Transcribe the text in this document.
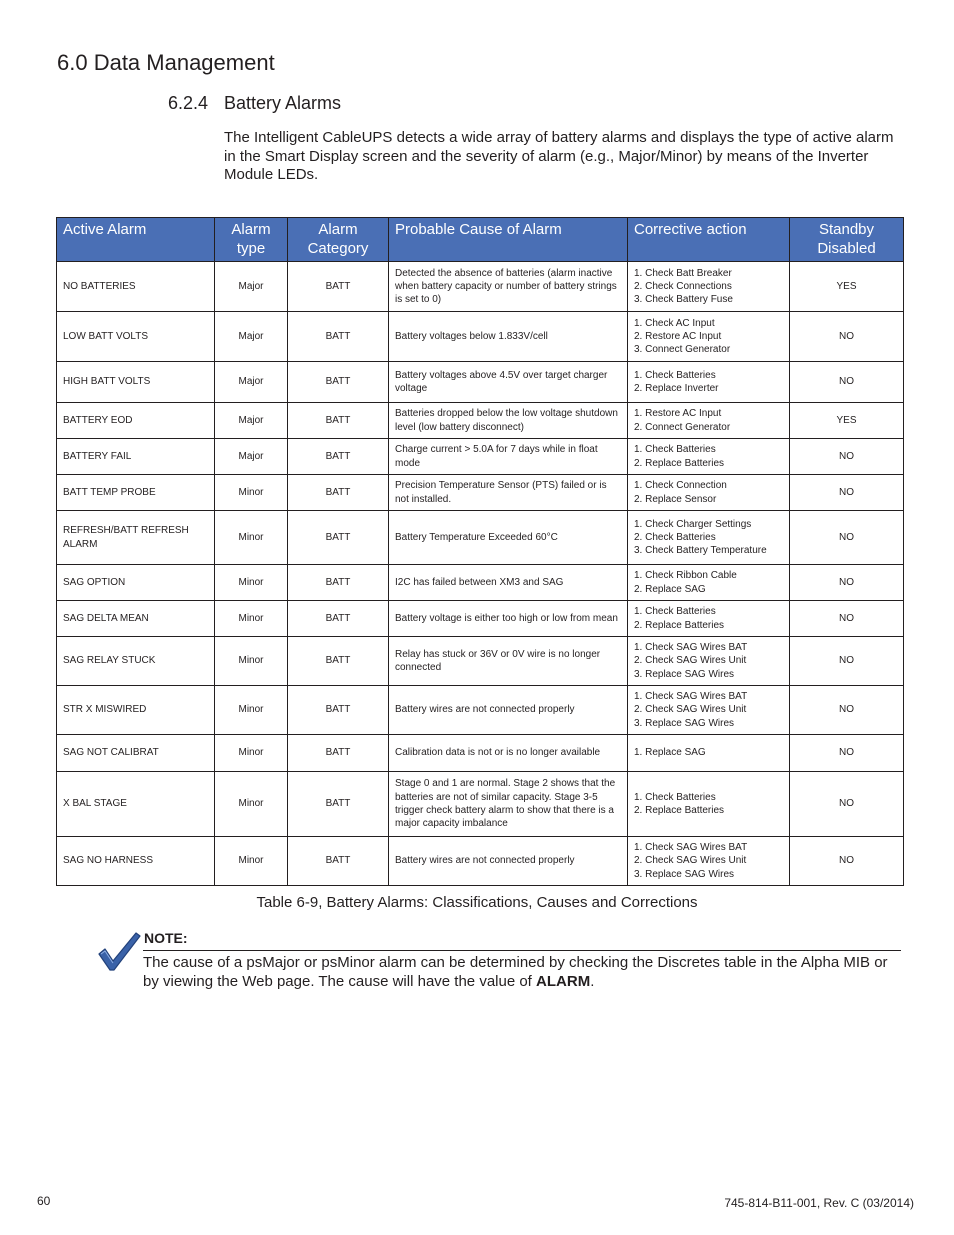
6.0 Data Management
6.2.4 Battery Alarms

The Intelligent CableUPS detects a wide array of battery alarms and displays the type of active alarm in the Smart Display screen and the severity of alarm (e.g., Major/Minor) by means of the Inverter Module LEDs.

Active Alarm	Alarm type	Alarm Category	Probable Cause of Alarm	Corrective action	Standby Disabled
NO BATTERIES	Major	BATT	Detected the absence of batteries (alarm inactive when battery capacity or number of battery strings is set to 0)	1. Check Batt Breaker
2. Check Connections
3. Check Battery Fuse	YES
LOW BATT VOLTS	Major	BATT	Battery voltages below 1.833V/cell	1. Check AC Input
2. Restore AC Input
3. Connect Generator	NO
HIGH BATT VOLTS	Major	BATT	Battery voltages above 4.5V over target charger voltage	1. Check Batteries
2. Replace Inverter	NO
BATTERY EOD	Major	BATT	Batteries dropped below the low voltage shutdown level (low battery disconnect)	1. Restore AC Input
2. Connect Generator	YES
BATTERY FAIL	Major	BATT	Charge current > 5.0A for 7 days while in float mode	1. Check Batteries
2. Replace Batteries	NO
BATT TEMP PROBE	Minor	BATT	Precision Temperature Sensor (PTS) failed or is not installed.	1. Check Connection
2. Replace Sensor	NO
REFRESH/BATT REFRESH ALARM	Minor	BATT	Battery Temperature Exceeded 60°C	1. Check Charger Settings
2. Check Batteries
3. Check Battery Temperature	NO
SAG OPTION	Minor	BATT	I2C has failed between XM3 and SAG	1. Check Ribbon Cable
2. Replace SAG	NO
SAG DELTA MEAN	Minor	BATT	Battery voltage is either too high or low from mean	1. Check Batteries
2. Replace Batteries	NO
SAG RELAY STUCK	Minor	BATT	Relay has stuck or 36V or 0V wire is no longer connected	1. Check SAG Wires BAT
2. Check SAG Wires Unit
3. Replace SAG Wires	NO
STR X MISWIRED	Minor	BATT	Battery wires are not connected properly	1. Check SAG Wires BAT
2. Check SAG Wires Unit
3. Replace SAG Wires	NO
SAG NOT CALIBRAT	Minor	BATT	Calibration data is not or is no longer available	1. Replace SAG	NO
X BAL STAGE	Minor	BATT	Stage 0 and 1 are normal. Stage 2 shows that the batteries are not of similar capacity. Stage 3-5 trigger check battery alarm to show that there is a major capacity imbalance	1. Check Batteries
2. Replace Batteries	NO
SAG NO HARNESS	Minor	BATT	Battery wires are not connected properly	1. Check SAG Wires BAT
2. Check SAG Wires Unit
3. Replace SAG Wires	NO

Table 6-9, Battery Alarms: Classifications, Causes and Corrections

NOTE:

The cause of a psMajor or psMinor alarm can be determined by checking the Discretes table in the Alpha MIB or by viewing the Web page. The cause will have the value of ALARM.

60	745-814-B11-001, Rev. C (03/2014)
